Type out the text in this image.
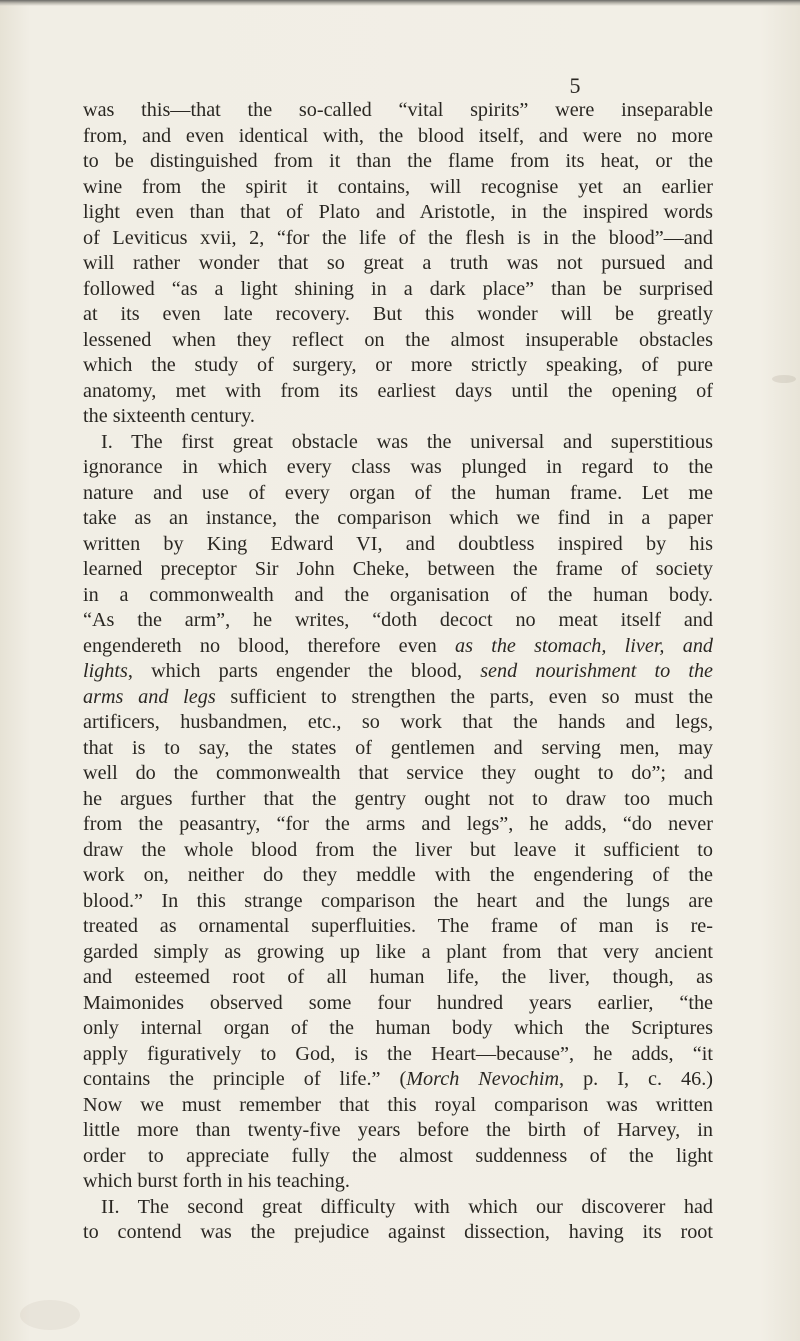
5
was this—that the so-called “vital spirits” were inseparable
from, and even identical with, the blood itself, and were no more
to be distinguished from it than the flame from its heat, or the
wine from the spirit it contains, will recognise yet an earlier
light even than that of Plato and Aristotle, in the inspired words
of Leviticus xvii, 2, “for the life of the flesh is in the blood”—and
will rather wonder that so great a truth was not pursued and
followed “as a light shining in a dark place” than be surprised
at its even late recovery. But this wonder will be greatly
lessened when they reflect on the almost insuperable obstacles
which the study of surgery, or more strictly speaking, of pure
anatomy, met with from its earliest days until the opening of
the sixteenth century.
I. The first great obstacle was the universal and superstitious
ignorance in which every class was plunged in regard to the
nature and use of every organ of the human frame. Let me
take as an instance, the comparison which we find in a paper
written by King Edward VI, and doubtless inspired by his
learned preceptor Sir John Cheke, between the frame of society
in a commonwealth and the organisation of the human body.
“As the arm”, he writes, “doth decoct no meat itself and
engendereth no blood, therefore even as the stomach, liver, and
lights, which parts engender the blood, send nourishment to the
arms and legs sufficient to strengthen the parts, even so must the
artificers, husbandmen, etc., so work that the hands and legs,
that is to say, the states of gentlemen and serving men, may
well do the commonwealth that service they ought to do”; and
he argues further that the gentry ought not to draw too much
from the peasantry, “for the arms and legs”, he adds, “do never
draw the whole blood from the liver but leave it sufficient to
work on, neither do they meddle with the engendering of the
blood.” In this strange comparison the heart and the lungs are
treated as ornamental superfluities. The frame of man is re-
garded simply as growing up like a plant from that very ancient
and esteemed root of all human life, the liver, though, as
Maimonides observed some four hundred years earlier, “the
only internal organ of the human body which the Scriptures
apply figuratively to God, is the Heart—because”, he adds, “it
contains the principle of life.” (Morch Nevochim, p. I, c. 46.)
Now we must remember that this royal comparison was written
little more than twenty-five years before the birth of Harvey, in
order to appreciate fully the almost suddenness of the light
which burst forth in his teaching.
II. The second great difficulty with which our discoverer had
to contend was the prejudice against dissection, having its root
